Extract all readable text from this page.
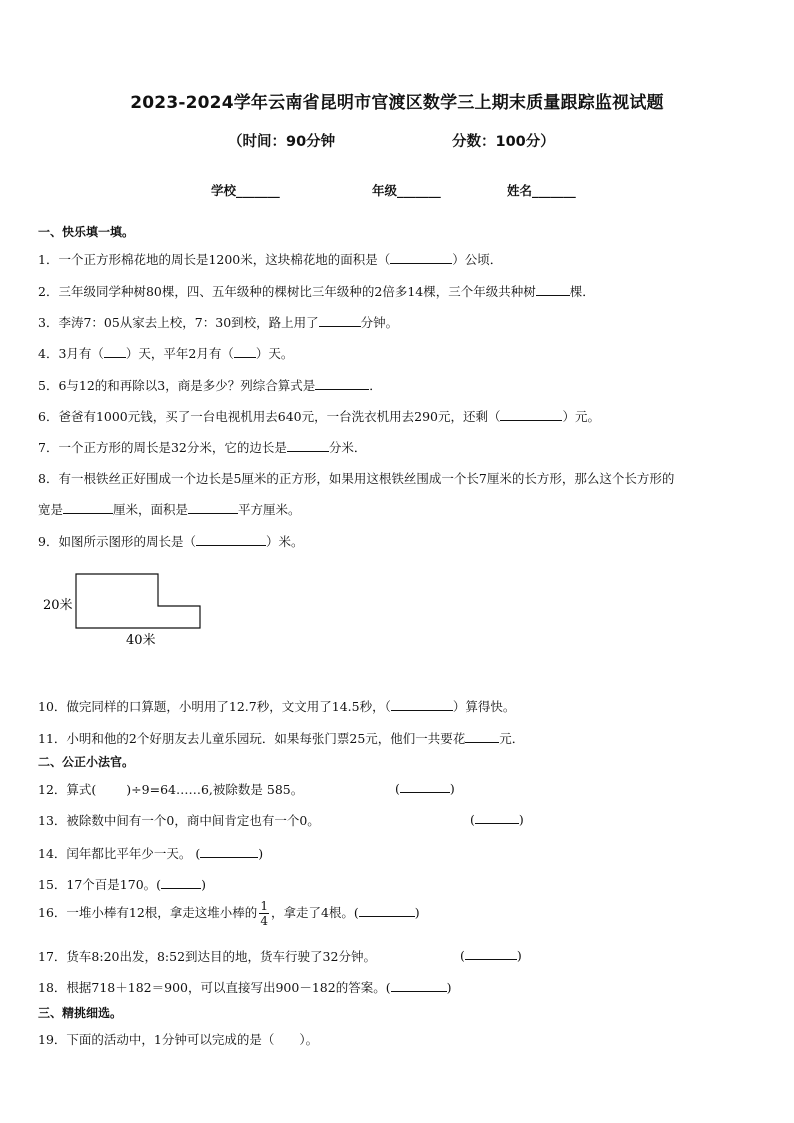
2023-2024学年云南省昆明市官渡区数学三上期末质量跟踪监视试题
（时间：90分钟	分数：100分）
学校_______	年级_______	姓名_______
一、快乐填一填。
1．一个正方形棉花地的周长是1200米，这块棉花地的面积是（	）公顷．
2．三年级同学种树80棵，四、五年级种的棵树比三年级种的2倍多14棵，三个年级共种树	棵．
3．李涛7：05从家去上校，7：30到校，路上用了	分钟。
4．3月有（ ）天，平年2月有（ ）天。
5．6与12的和再除以3，商是多少？列综合算式是	．
6．爸爸有1000元钱，买了一台电视机用去640元，一台洗衣机用去290元，还剩（	）元。
7．一个正方形的周长是32分米，它的边长是	分米．
8．有一根铁丝正好围成一个边长是5厘米的正方形，如果用这根铁丝围成一个长7厘米的长方形，那么这个长方形的
宽是	厘米，面积是	平方厘米。
9．如图所示图形的周长是（	）米。
20米
40米
10．做完同样的口算题，小明用了12.7秒，文文用了14.5秒，（	）算得快。
11．小明和他的2个好朋友去儿童乐园玩．如果每张门票25元，他们一共要花	元．
二、公正小法官。
12．算式( )÷9=64……6,被除数是 585。	(	)
13．被除数中间有一个0，商中间肯定也有一个0。	(	)
14．闰年都比平年少一天。 (	)
15．17个百是170。(	)
16．一堆小棒有12根，拿走这堆小棒的 $\frac{1}{4}$ ，拿走了4根。(	)
17．货车8:20出发，8:52到达目的地，货车行驶了32分钟。	(	)
18．根据718＋182＝900，可以直接写出900－182的答案。(	)
三、精挑细选。
19．下面的活动中，1分钟可以完成的是（　　）。
